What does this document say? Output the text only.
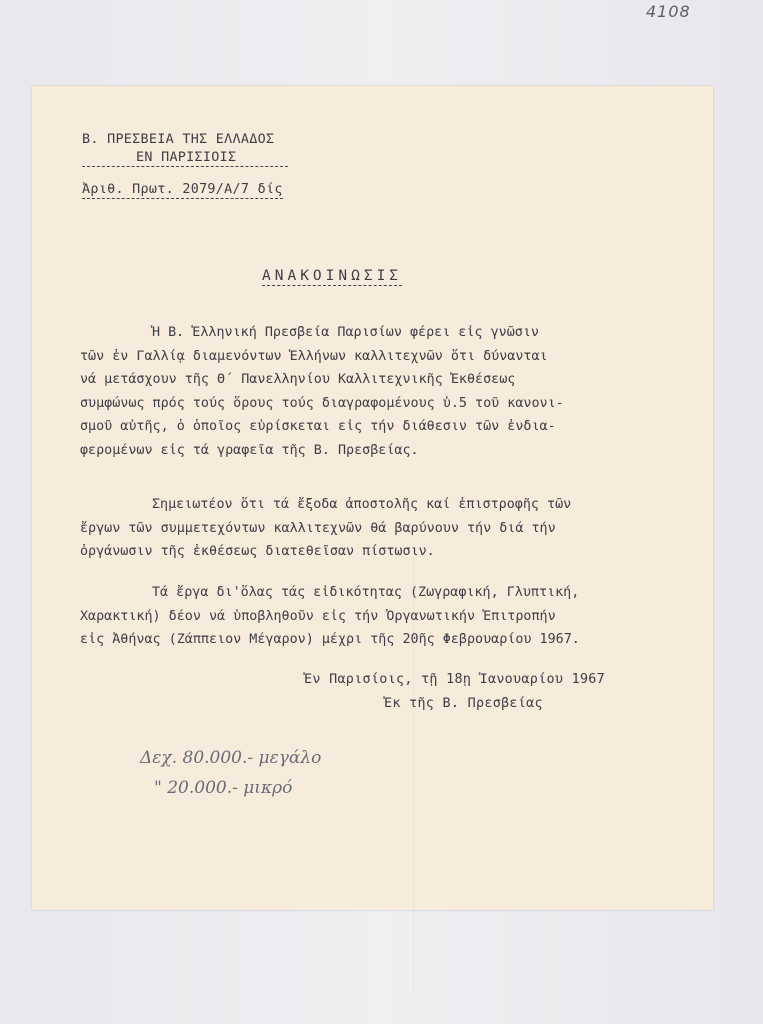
4108
Β. ΠΡΕΣΒΕΙΑ ΤΗΣ ΕΛΛΑΔΟΣ
ΕΝ ΠΑΡΙΣΙΟΙΣ
Ἀριθ. Πρωτ. 2079/Α/7 δίς
ΑΝΑΚΟΙΝΩΣΙΣ
Ἡ Β. Ἑλληνική Πρεσβεία Παρισίων φέρει εἰς γνῶσιν
τῶν ἐν Γαλλίᾳ διαμενόντων Ἑλλήνων καλλιτεχνῶν ὅτι δύνανται
νά μετάσχουν τῆς Θ΄ Πανελληνίου Καλλιτεχνικῆς Ἐκθέσεως
συμφώνως πρός τούς ὅρους τούς διαγραφομένους ὑ.5 τοῦ κανονι-
σμοῦ αὐτῆς, ὁ ὁποῖος εὑρίσκεται εἰς τήν διάθεσιν τῶν ἐνδια-
φερομένων εἰς τά γραφεῖα τῆς Β. Πρεσβείας.
Σημειωτέον ὅτι τά ἔξοδα ἀποστολῆς καί ἐπιστροφῆς τῶν
ἔργων τῶν συμμετεχόντων καλλιτεχνῶν θά βαρύνουν τήν διά τήν
ὀργάνωσιν τῆς ἐκθέσεως διατεθεῖσαν πίστωσιν.
Τά ἔργα δι'ὅλας τάς εἰδικότητας (Ζωγραφική, Γλυπτική,
Χαρακτική) δέον νά ὑποβληθοῦν εἰς τήν Ὀργανωτικήν Ἐπιτροπήν
εἰς Ἀθήνας (Ζάππειον Μέγαρον) μέχρι τῆς 20ῆς Φεβρουαρίου 1967.
Ἐν Παρισίοις, τῇ 18ῃ Ἰανουαρίου 1967
Ἐκ τῆς Β. Πρεσβείας
Δεχ. 80.000.- μεγάλο
" 20.000.- μικρό
